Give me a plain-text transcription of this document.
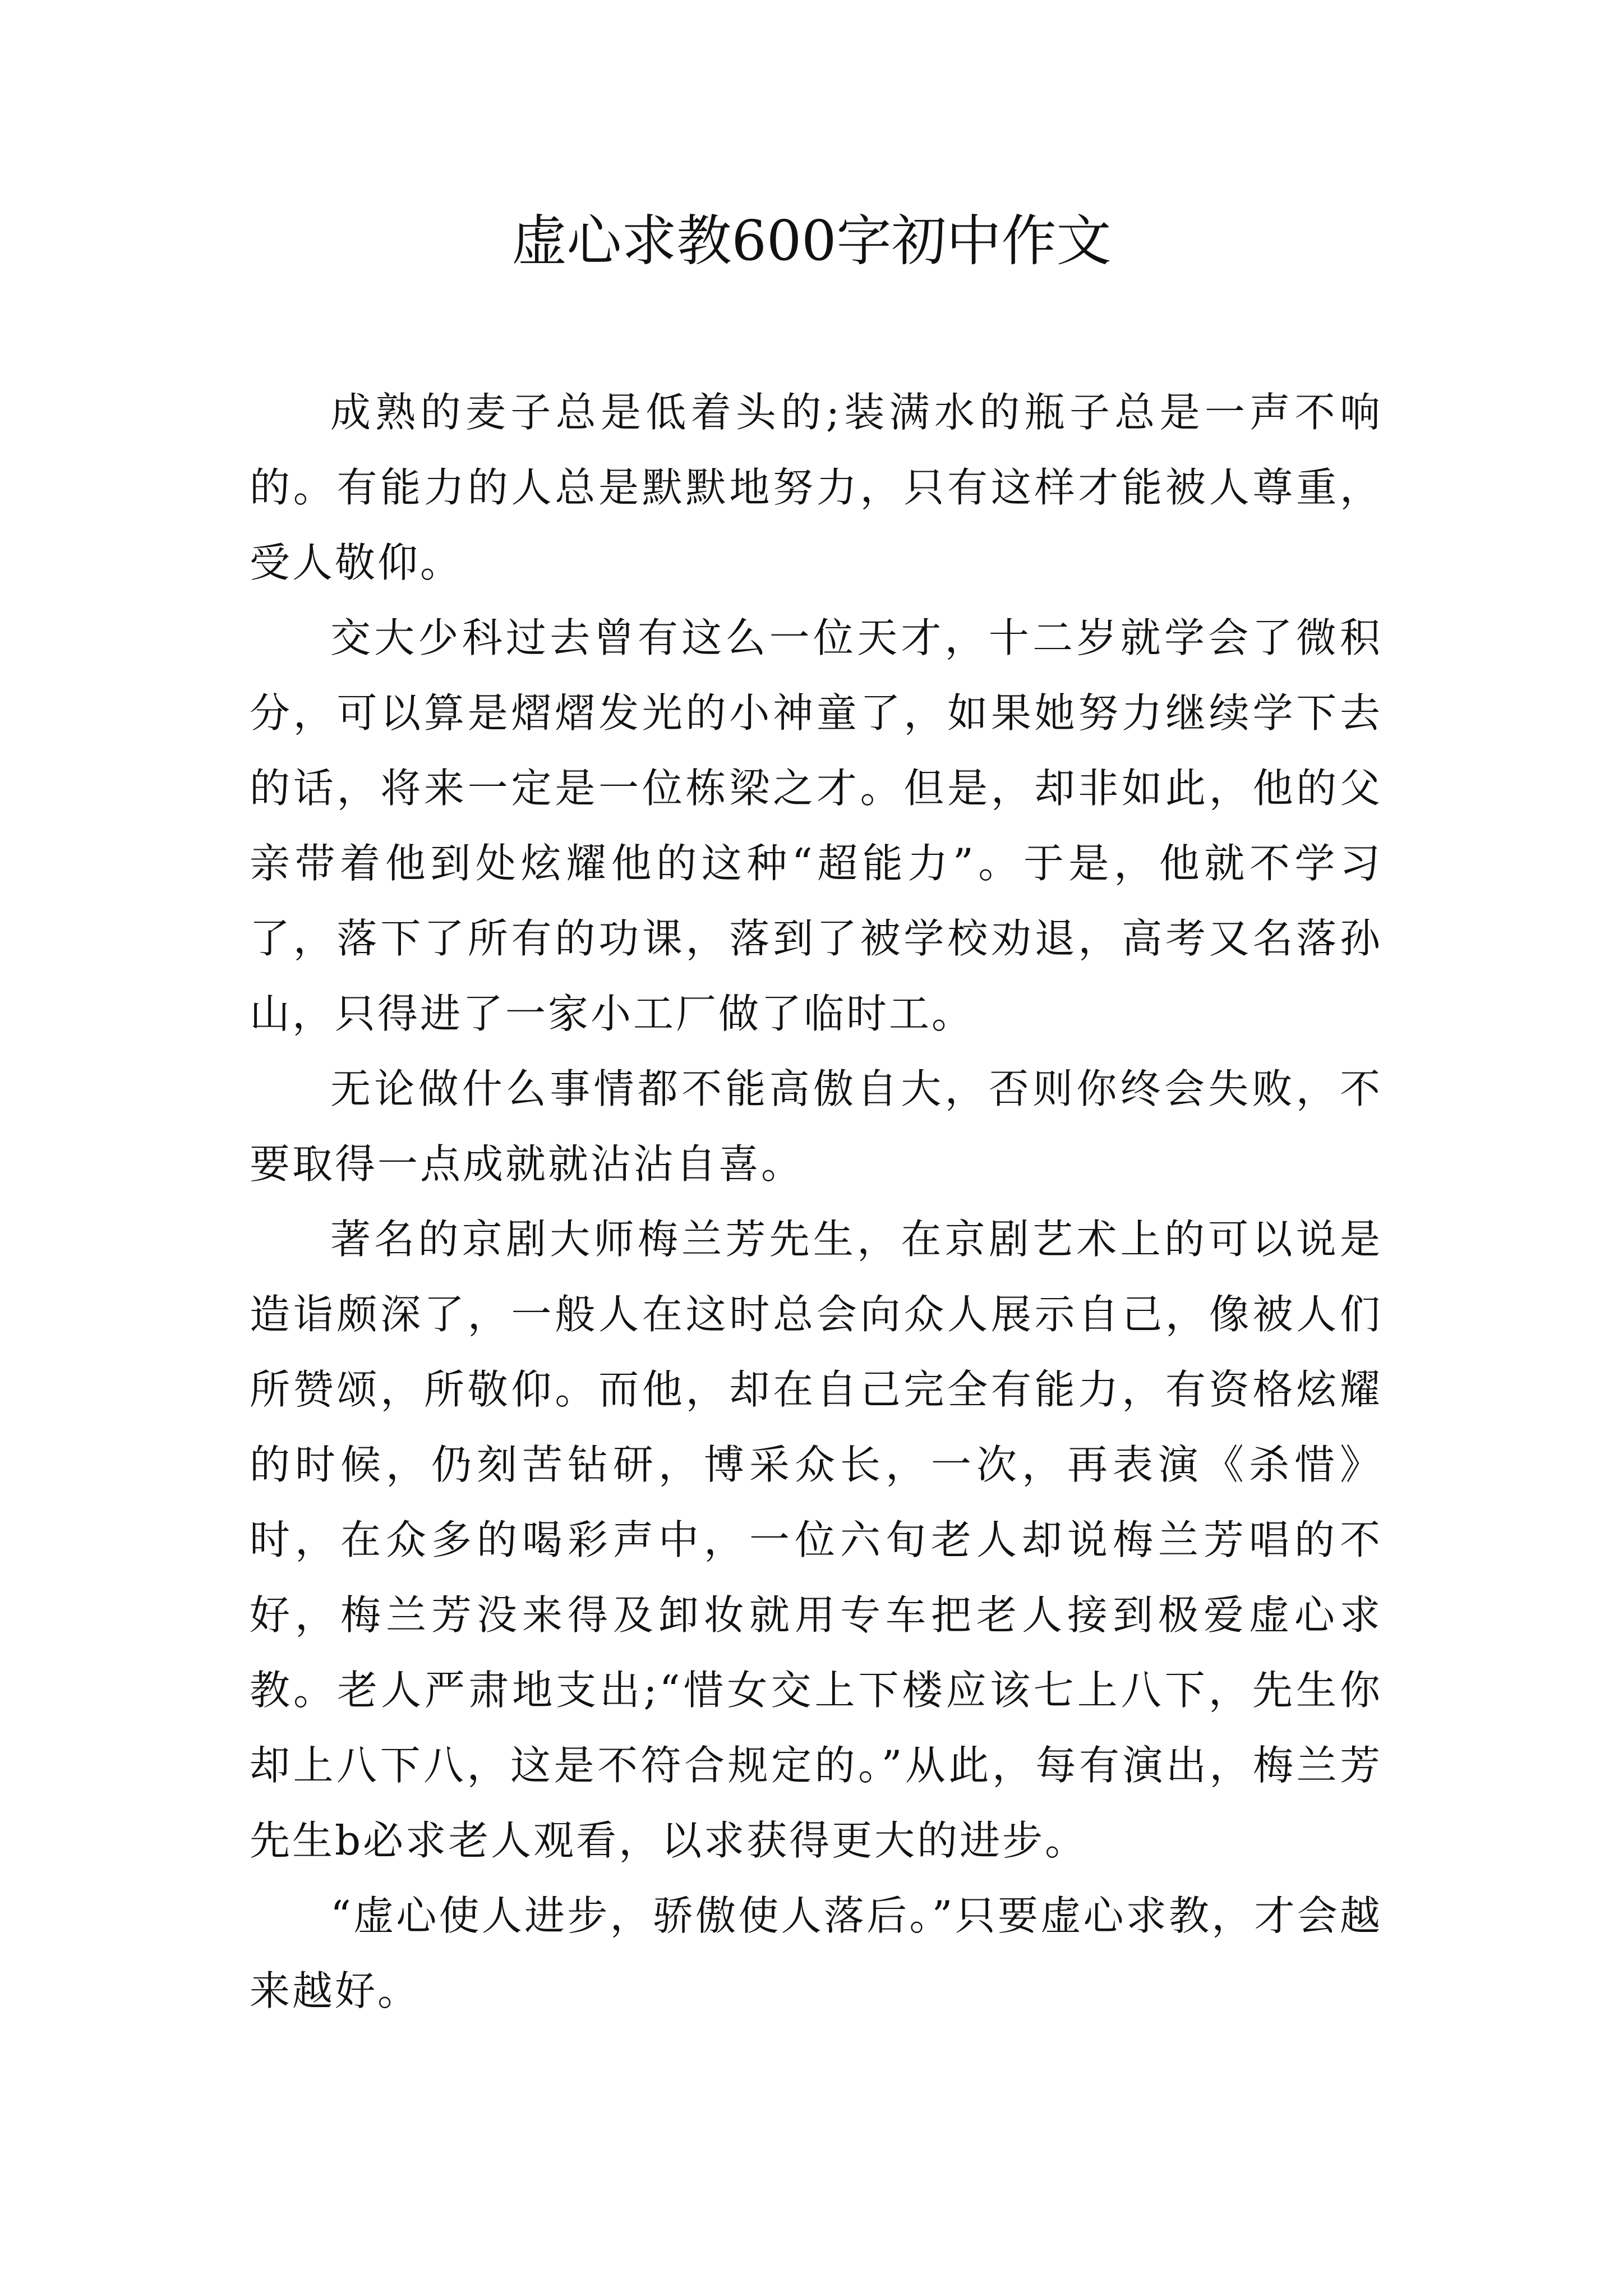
虚心求教600字初中作文

成熟的麦子总是低着头的;装满水的瓶子总是一声不响的。有能力的人总是默默地努力，只有这样才能被人尊重，受人敬仰。

交大少科过去曾有这么一位天才，十二岁就学会了微积分，可以算是熠熠发光的小神童了，如果她努力继续学下去的话，将来一定是一位栋梁之才。但是，却非如此，他的父亲带着他到处炫耀他的这种“超能力”。于是，他就不学习了，落下了所有的功课，落到了被学校劝退，高考又名落孙山，只得进了一家小工厂做了临时工。

无论做什么事情都不能高傲自大，否则你终会失败，不要取得一点成就就沾沾自喜。

著名的京剧大师梅兰芳先生，在京剧艺术上的可以说是造诣颇深了，一般人在这时总会向众人展示自己，像被人们所赞颂，所敬仰。而他，却在自己完全有能力，有资格炫耀的时候，仍刻苦钻研，博采众长，一次，再表演《杀惜》时，在众多的喝彩声中，一位六旬老人却说梅兰芳唱的不好，梅兰芳没来得及卸妆就用专车把老人接到极爱虚心求教。老人严肃地支出;“惜女交上下楼应该七上八下，先生你却上八下八，这是不符合规定的。”从此，每有演出，梅兰芳先生b必求老人观看，以求获得更大的进步。

“虚心使人进步，骄傲使人落后。”只要虚心求教，才会越来越好。
